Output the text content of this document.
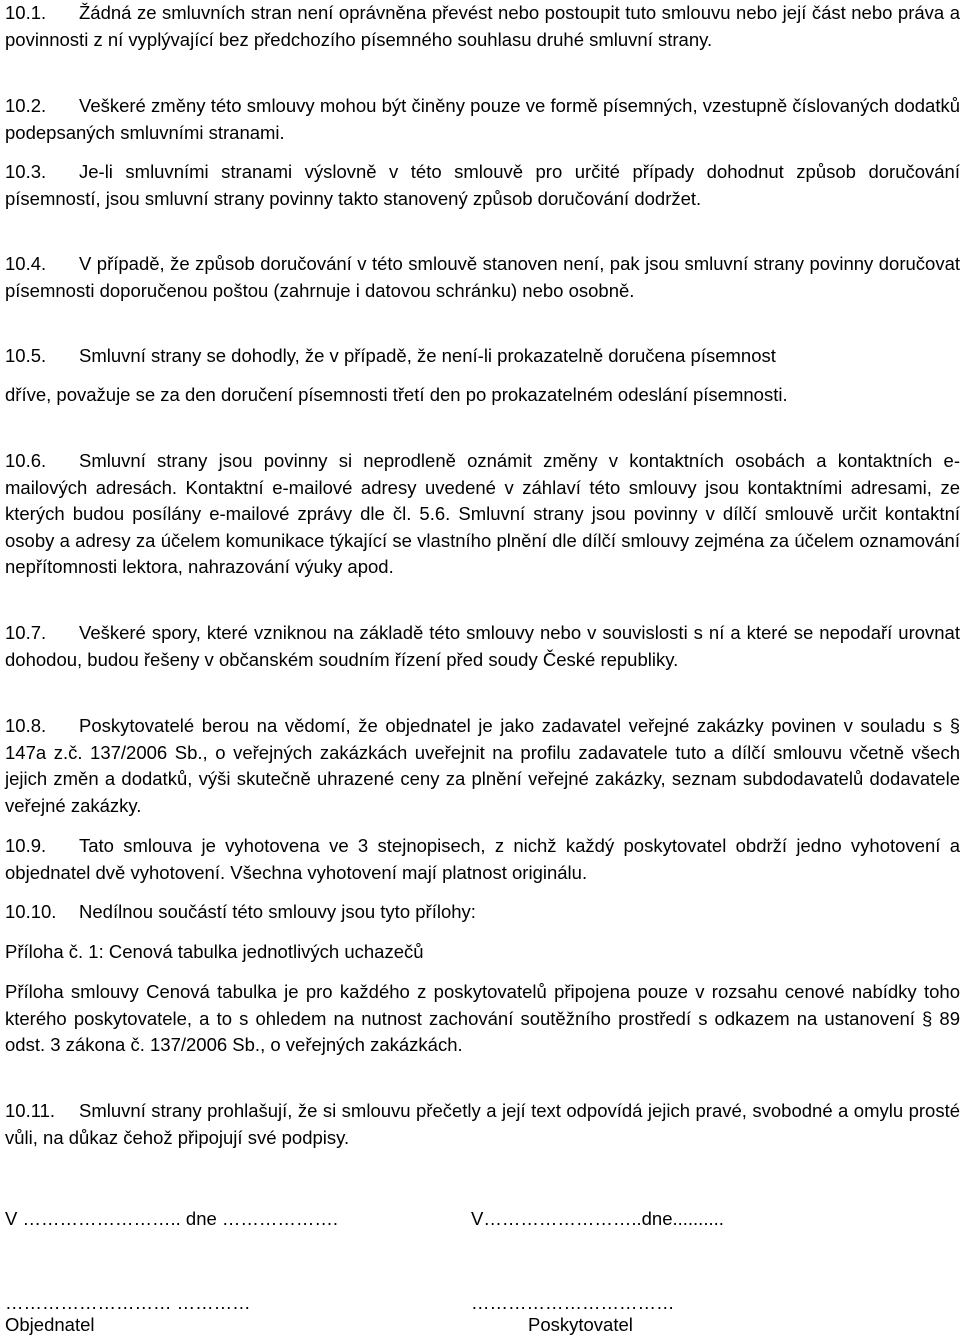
10.1. Žádná ze smluvních stran není oprávněna převést nebo postoupit tuto smlouvu nebo její část nebo práva a povinnosti z ní vyplývající bez předchozího písemného souhlasu druhé smluvní strany.
10.2. Veškeré změny této smlouvy mohou být činěny pouze ve formě písemných, vzestupně číslovaných dodatků podepsaných smluvními stranami.
10.3. Je-li smluvními stranami výslovně v této smlouvě pro určité případy dohodnut způsob doručování písemností, jsou smluvní strany povinny takto stanovený způsob doručování dodržet.
10.4. V případě, že způsob doručování v této smlouvě stanoven není, pak jsou smluvní strany povinny doručovat písemnosti doporučenou poštou (zahrnuje i datovou schránku) nebo osobně.
10.5. Smluvní strany se dohodly, že v případě, že není-li prokazatelně doručena písemnost
dříve, považuje se za den doručení písemnosti třetí den po prokazatelném odeslání písemnosti.
10.6. Smluvní strany jsou povinny si neprodleně oznámit změny v kontaktních osobách a kontaktních e-mailových adresách. Kontaktní e-mailové adresy uvedené v záhlaví této smlouvy jsou kontaktními adresami, ze kterých budou posílány e-mailové zprávy dle čl. 5.6. Smluvní strany jsou povinny v dílčí smlouvě určit kontaktní osoby a adresy za účelem komunikace týkající se vlastního plnění dle dílčí smlouvy zejména za účelem oznamování nepřítomnosti lektora, nahrazování výuky apod.
10.7. Veškeré spory, které vzniknou na základě této smlouvy nebo v souvislosti s ní a které se nepodaří urovnat dohodou, budou řešeny v občanském soudním řízení před soudy České republiky.
10.8. Poskytovatelé berou na vědomí, že objednatel je jako zadavatel veřejné zakázky povinen v souladu s § 147a z.č. 137/2006 Sb., o veřejných zakázkách uveřejnit na profilu zadavatele tuto a dílčí smlouvu včetně všech jejich změn a dodatků, výši skutečně uhrazené ceny za plnění veřejné zakázky, seznam subdodavatelů dodavatele veřejné zakázky.
10.9. Tato smlouva je vyhotovena ve 3 stejnopisech, z nichž každý poskytovatel obdrží jedno vyhotovení a objednatel dvě vyhotovení. Všechna vyhotovení mají platnost originálu.
10.10. Nedílnou součástí této smlouvy jsou tyto přílohy:
Příloha č. 1: Cenová tabulka jednotlivých uchazečů
Příloha smlouvy Cenová tabulka je pro každého z poskytovatelů připojena pouze v rozsahu cenové nabídky toho kterého poskytovatele, a to s ohledem na nutnost zachování soutěžního prostředí s odkazem na ustanovení § 89 odst. 3 zákona č. 137/2006 Sb., o veřejných zakázkách.
10.11. Smluvní strany prohlašují, že si smlouvu přečetly a její text odpovídá jejich pravé, svobodné a omylu prosté vůli, na důkaz čehož připojují své podpisy.
V …………………….. dne ……………….	V……………………..dne..........
……………………… …………	……………………………
Objednatel	Poskytovatel
